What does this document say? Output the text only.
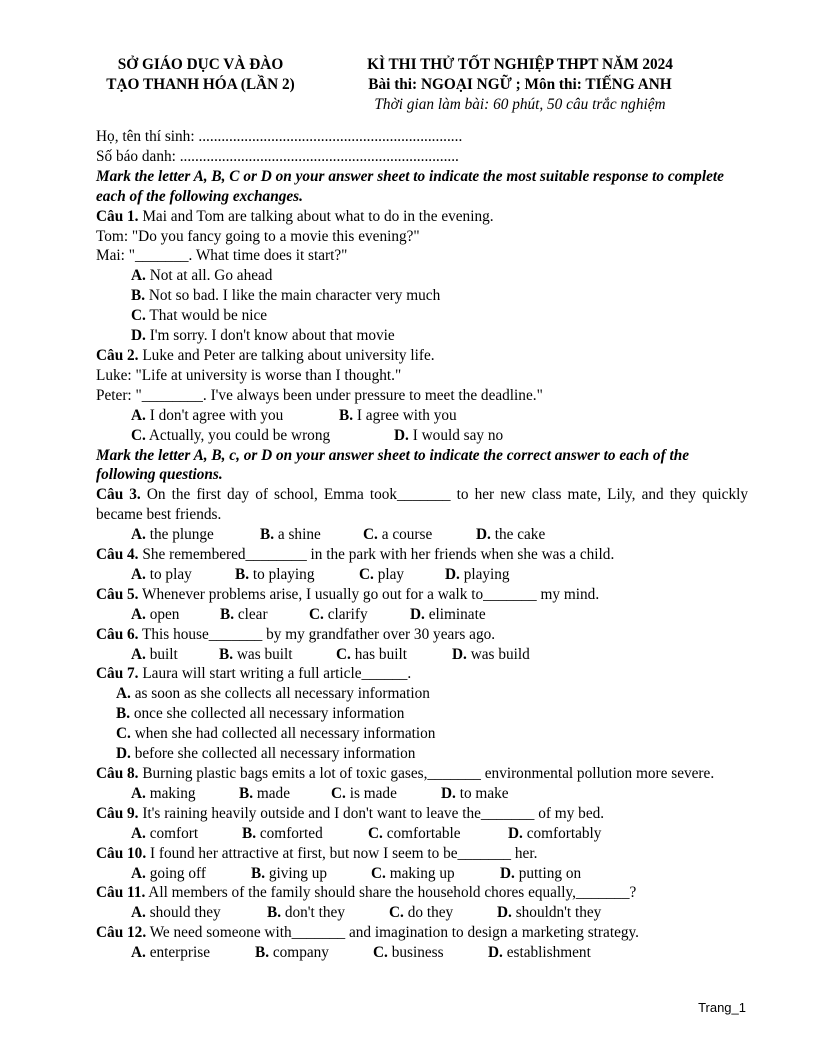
SỞ GIÁO DỤC VÀ ĐÀO
TẠO THANH HÓA (LẦN 2)
KÌ THI THỬ TỐT NGHIỆP THPT NĂM 2024
Bài thi: NGOẠI NGỮ ; Môn thi: TIẾNG ANH
Thời gian làm bài: 60 phút, 50 câu trắc nghiệm
Họ, tên thí sinh: .....................................................................
Số báo danh: .........................................................................
Mark the letter A, B, C or D on your answer sheet to indicate the most suitable response to complete each of the following exchanges.
Câu 1. Mai and Tom are talking about what to do in the evening.
Tom: "Do you fancy going to a movie this evening?"
Mai: "_______. What time does it start?"
A. Not at all. Go ahead
B. Not so bad. I like the main character very much
C. That would be nice
D. I'm sorry. I don't know about that movie
Câu 2. Luke and Peter are talking about university life.
Luke: "Life at university is worse than I thought."
Peter: "________. I've always been under pressure to meet the deadline."
A. I don't agree with you	B. I agree with you
C. Actually, you could be wrong	D. I would say no
Mark the letter A, B, c, or D on your answer sheet to indicate the correct answer to each of the following questions.
Câu 3. On the first day of school, Emma took_______ to her new class mate, Lily, and they quickly became best friends.
A. the plunge	B. a shine	C. a course	D. the cake
Câu 4. She remembered________ in the park with her friends when she was a child.
A. to play	B. to playing	C. play	D. playing
Câu 5. Whenever problems arise, I usually go out for a walk to_______ my mind.
A. open	B. clear	C. clarify	D. eliminate
Câu 6. This house_______ by my grandfather over 30 years ago.
A. built	B. was built	C. has built	D. was build
Câu 7. Laura will start writing a full article______.
A. as soon as she collects all necessary information
B. once she collected all necessary information
C. when she had collected all necessary information
D. before she collected all necessary information
Câu 8. Burning plastic bags emits a lot of toxic gases,_______ environmental pollution more severe.
A. making	B. made	C. is made	D. to make
Câu 9. It's raining heavily outside and I don't want to leave the_______ of my bed.
A. comfort	B. comforted	C. comfortable	D. comfortably
Câu 10. I found her attractive at first, but now I seem to be_______ her.
A. going off	B. giving up	C. making up	D. putting on
Câu 11. All members of the family should share the household chores equally,_______?
A. should they	B. don't they	C. do they	D. shouldn't they
Câu 12. We need someone with_______ and imagination to design a marketing strategy.
A. enterprise	B. company	C. business	D. establishment
Trang_1
